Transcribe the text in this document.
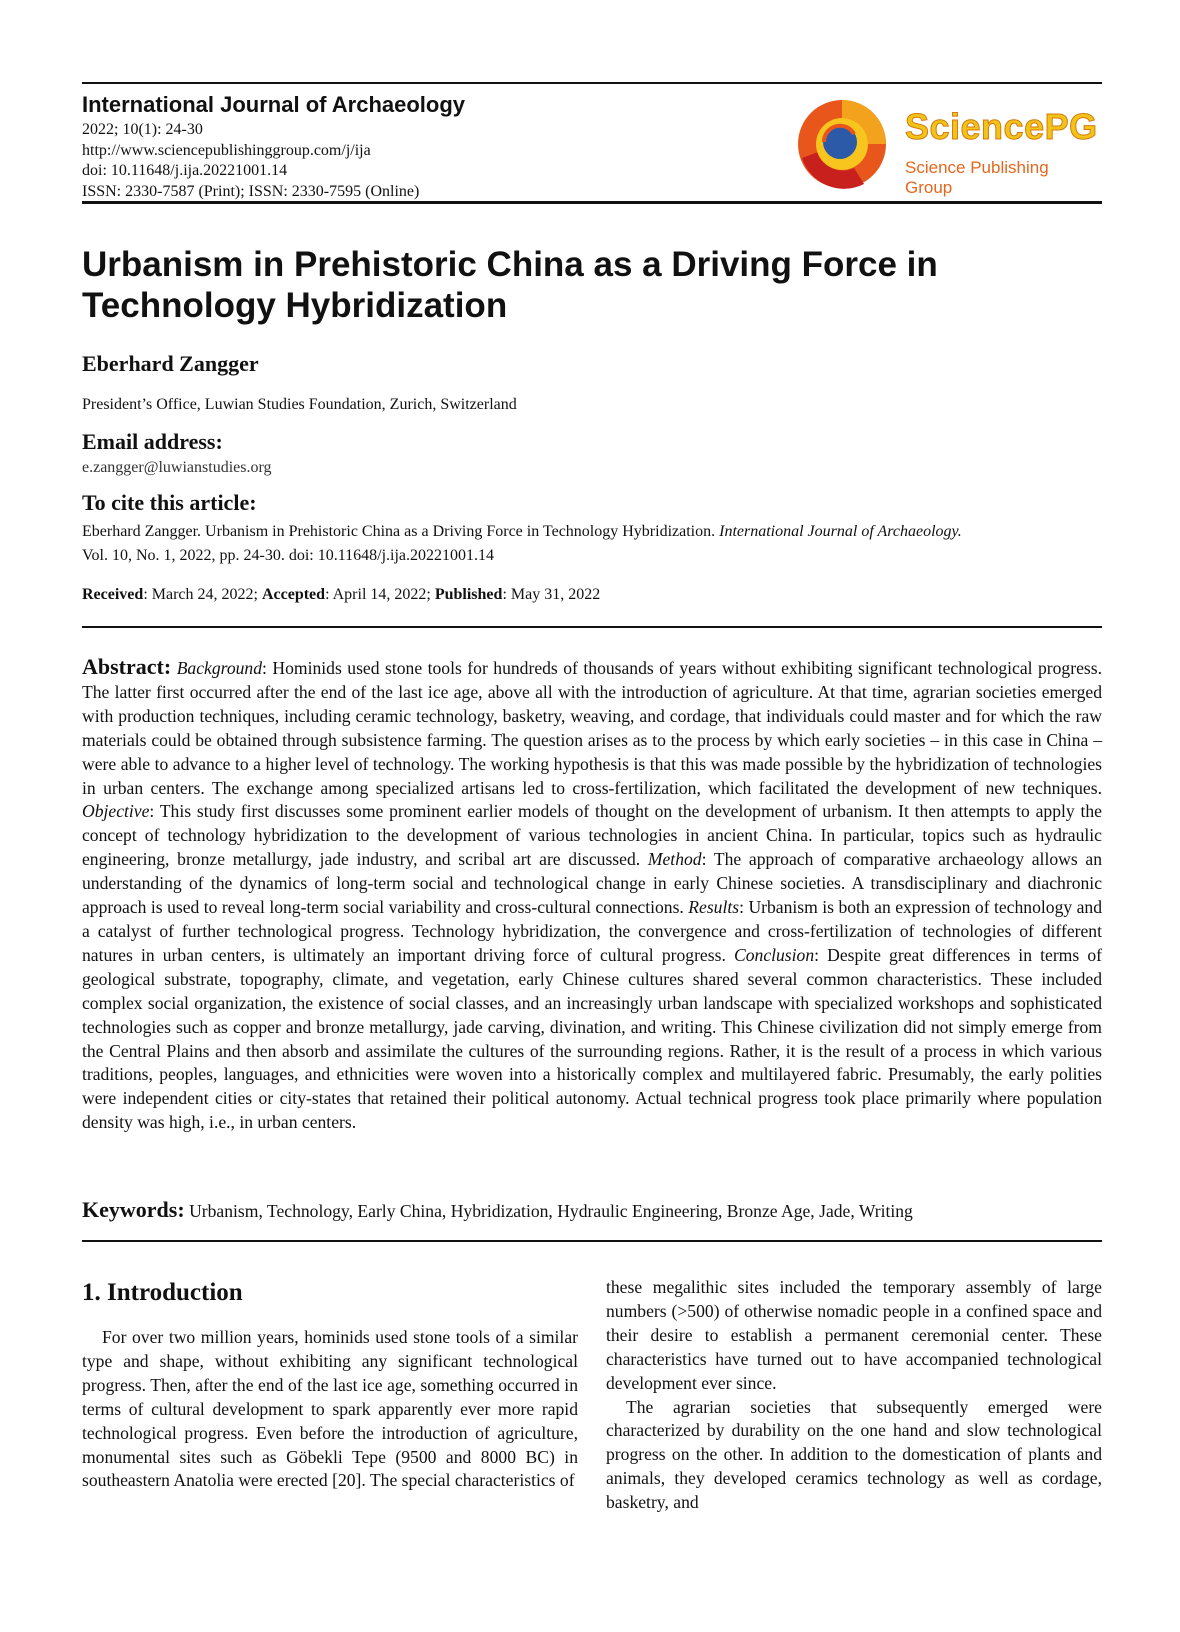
International Journal of Archaeology
2022; 10(1): 24-30
http://www.sciencepublishinggroup.com/j/ija
doi: 10.11648/j.ija.20221001.14
ISSN: 2330-7587 (Print); ISSN: 2330-7595 (Online)
SciencePG
Science Publishing Group
Urbanism in Prehistoric China as a Driving Force in
Technology Hybridization
Eberhard Zangger
President’s Office, Luwian Studies Foundation, Zurich, Switzerland
Email address:
e.zangger@luwianstudies.org
To cite this article:
Eberhard Zangger. Urbanism in Prehistoric China as a Driving Force in Technology Hybridization. International Journal of Archaeology.
Vol. 10, No. 1, 2022, pp. 24-30. doi: 10.11648/j.ija.20221001.14
Received: March 24, 2022; Accepted: April 14, 2022; Published: May 31, 2022
Abstract: Background: Hominids used stone tools for hundreds of thousands of years without exhibiting significant technological progress. The latter first occurred after the end of the last ice age, above all with the introduction of agriculture. At that time, agrarian societies emerged with production techniques, including ceramic technology, basketry, weaving, and cordage, that individuals could master and for which the raw materials could be obtained through subsistence farming. The question arises as to the process by which early societies – in this case in China – were able to advance to a higher level of technology. The working hypothesis is that this was made possible by the hybridization of technologies in urban centers. The exchange among specialized artisans led to cross-fertilization, which facilitated the development of new techniques. Objective: This study first discusses some prominent earlier models of thought on the development of urbanism. It then attempts to apply the concept of technology hybridization to the development of various technologies in ancient China. In particular, topics such as hydraulic engineering, bronze metallurgy, jade industry, and scribal art are discussed. Method: The approach of comparative archaeology allows an understanding of the dynamics of long-term social and technological change in early Chinese societies. A transdisciplinary and diachronic approach is used to reveal long-term social variability and cross-cultural connections. Results: Urbanism is both an expression of technology and a catalyst of further technological progress. Technology hybridization, the convergence and cross-fertilization of technologies of different natures in urban centers, is ultimately an important driving force of cultural progress. Conclusion: Despite great differences in terms of geological substrate, topography, climate, and vegetation, early Chinese cultures shared several common characteristics. These included complex social organization, the existence of social classes, and an increasingly urban landscape with specialized workshops and sophisticated technologies such as copper and bronze metallurgy, jade carving, divination, and writing. This Chinese civilization did not simply emerge from the Central Plains and then absorb and assimilate the cultures of the surrounding regions. Rather, it is the result of a process in which various traditions, peoples, languages, and ethnicities were woven into a historically complex and multilayered fabric. Presumably, the early polities were independent cities or city-states that retained their political autonomy. Actual technical progress took place primarily where population density was high, i.e., in urban centers.
Keywords: Urbanism, Technology, Early China, Hybridization, Hydraulic Engineering, Bronze Age, Jade, Writing
1. Introduction

For over two million years, hominids used stone tools of a similar type and shape, without exhibiting any significant technological progress. Then, after the end of the last ice age, something occurred in terms of cultural development to spark apparently ever more rapid technological progress. Even before the introduction of agriculture, monumental sites such as Göbekli Tepe (9500 and 8000 BC) in southeastern Anatolia were erected [20]. The special characteristics of

these megalithic sites included the temporary assembly of large numbers (>500) of otherwise nomadic people in a confined space and their desire to establish a permanent ceremonial center. These characteristics have turned out to have accompanied technological development ever since.

The agrarian societies that subsequently emerged were characterized by durability on the one hand and slow technological progress on the other. In addition to the domestication of plants and animals, they developed ceramics technology as well as cordage, basketry, and
